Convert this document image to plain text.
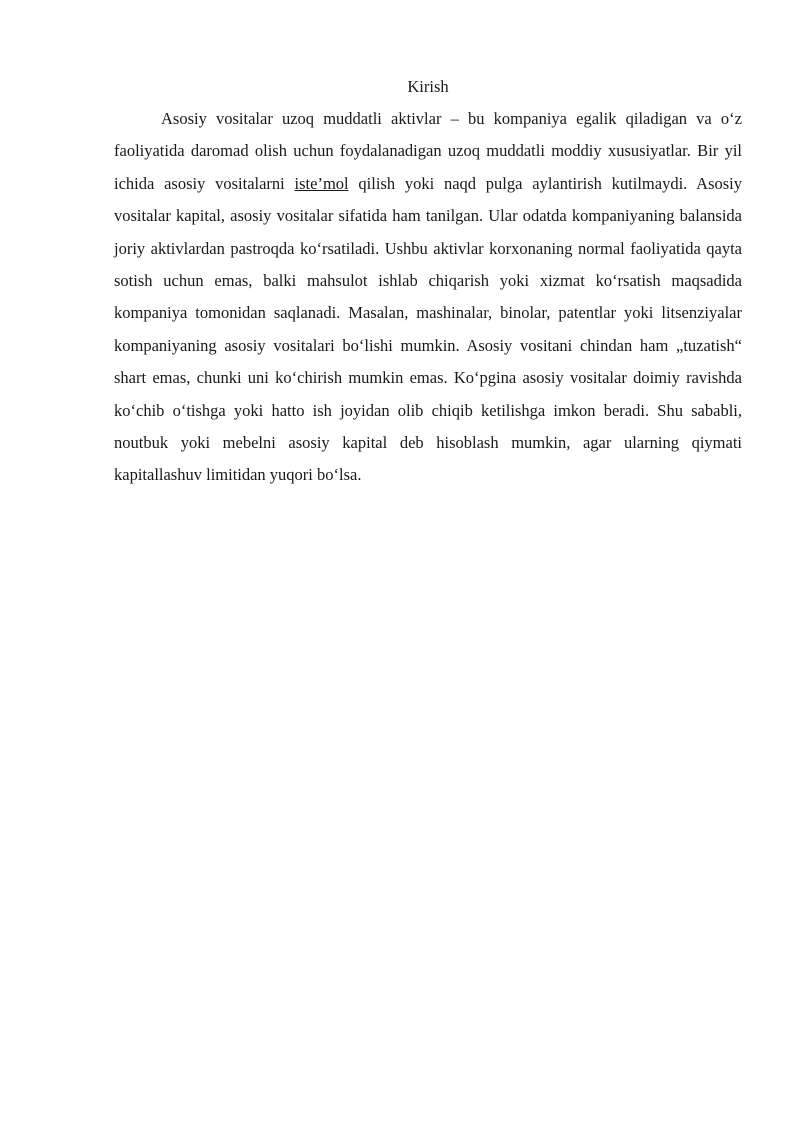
Kirish

Asosiy vositalar uzoq muddatli aktivlar – bu kompaniya egalik qiladigan va o‘z faoliyatida daromad olish uchun foydalanadigan uzoq muddatli moddiy xususiyatlar. Bir yil ichida asosiy vositalarni iste’mol qilish yoki naqd pulga aylantirish kutilmaydi. Asosiy vositalar kapital, asosiy vositalar sifatida ham tanilgan. Ular odatda kompaniyaning balansida joriy aktivlardan pastroqda ko‘rsatiladi. Ushbu aktivlar korxonaning normal faoliyatida qayta sotish uchun emas, balki mahsulot ishlab chiqarish yoki xizmat ko‘rsatish maqsadida kompaniya tomonidan saqlanadi. Masalan, mashinalar, binolar, patentlar yoki litsenziyalar kompaniyaning asosiy vositalari bo‘lishi mumkin. Asosiy vositani chindan ham „tuzatish“ shart emas, chunki uni ko‘chirish mumkin emas. Ko‘pgina asosiy vositalar doimiy ravishda ko‘chib o‘tishga yoki hatto ish joyidan olib chiqib ketilishga imkon beradi. Shu sababli, noutbuk yoki mebelni asosiy kapital deb hisoblash mumkin, agar ularning qiymati kapitallashuv limitidan yuqori bo‘lsa.
